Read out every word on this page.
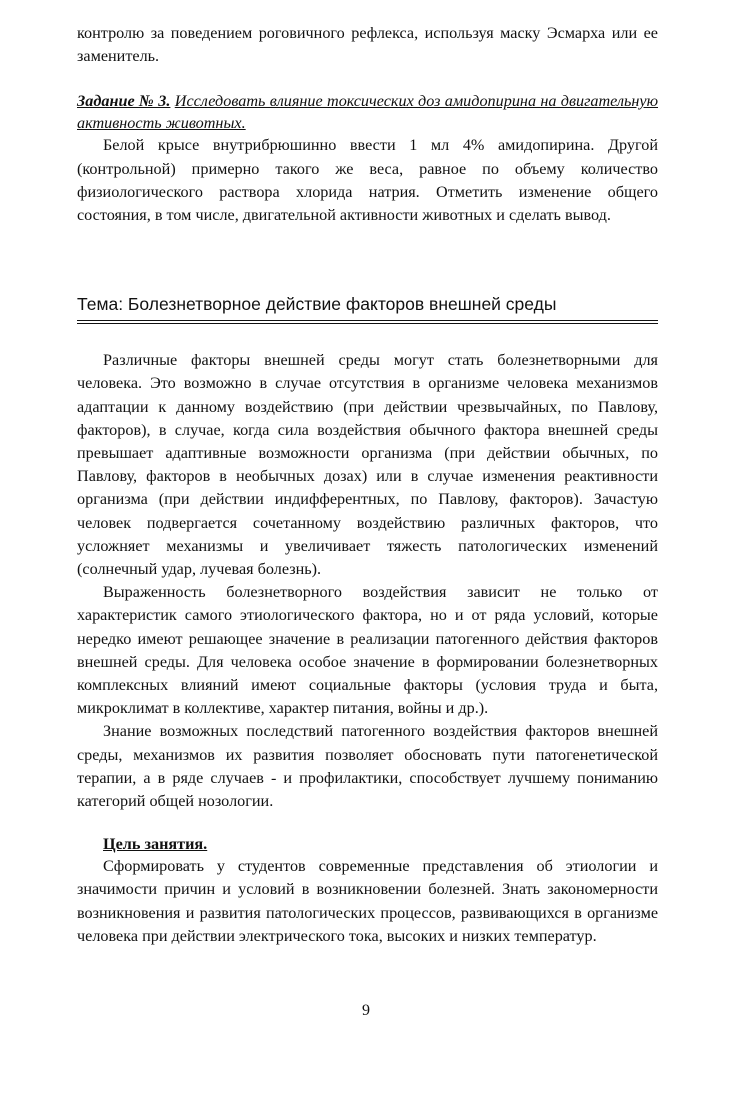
контролю за поведением роговичного рефлекса, используя маску Эсмарха или ее заменитель.

Задание № 3. Исследовать влияние токсических доз амидопирина на двигательную активность животных.

Белой крысе внутрибрюшинно ввести 1 мл 4% амидопирина. Другой (контрольной) примерно такого же веса, равное по объему количество физиологического раствора хлорида натрия. Отметить изменение общего состояния, в том числе, двигательной активности животных и сделать вывод.

Тема: Болезнетворное действие факторов внешней среды

Различные факторы внешней среды могут стать болезнетворными для человека. Это возможно в случае отсутствия в организме человека механизмов адаптации к данному воздействию (при действии чрезвычайных, по Павлову, факторов), в случае, когда сила воздействия обычного фактора внешней среды превышает адаптивные возможности организма (при действии обычных, по Павлову, факторов в необычных дозах) или в случае изменения реактивности организма (при действии индифферентных, по Павлову, факторов). Зачастую человек подвергается сочетанному воздействию различных факторов, что усложняет механизмы и увеличивает тяжесть патологических изменений (солнечный удар, лучевая болезнь).

Выраженность болезнетворного воздействия зависит не только от характеристик самого этиологического фактора, но и от ряда условий, которые нередко имеют решающее значение в реализации патогенного действия факторов внешней среды. Для человека особое значение в формировании болезнетворных комплексных влияний имеют социальные факторы (условия труда и быта, микроклимат в коллективе, характер питания, войны и др.).

Знание возможных последствий патогенного воздействия факторов внешней среды, механизмов их развития позволяет обосновать пути патогенетической терапии, а в ряде случаев - и профилактики, способствует лучшему пониманию категорий общей нозологии.

Цель занятия.

Сформировать у студентов современные представления об этиологии и значимости причин и условий в возникновении болезней. Знать закономерности возникновения и развития патологических процессов, развивающихся в организме человека при действии электрического тока, высоких и низких температур.

9
